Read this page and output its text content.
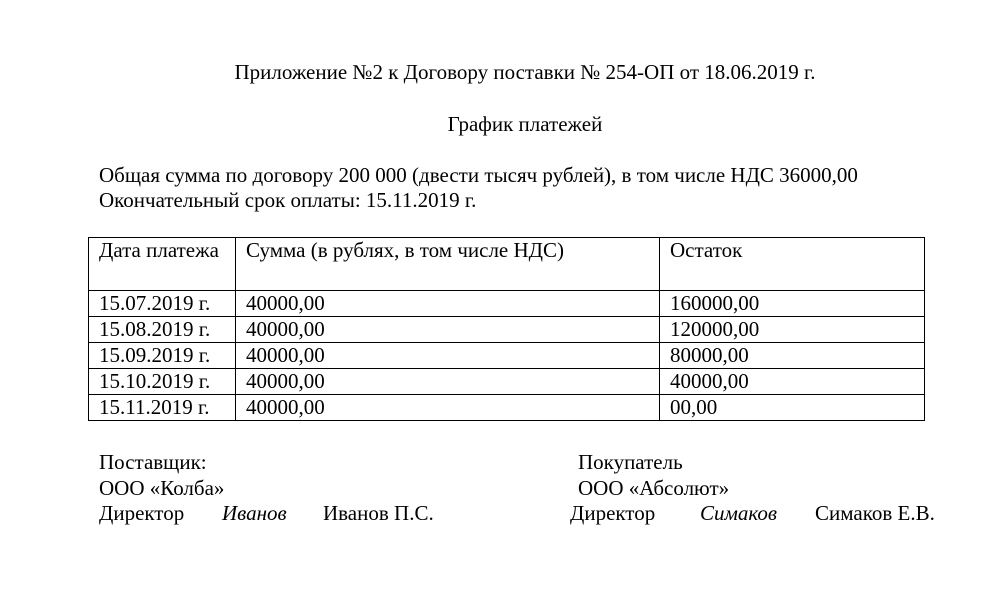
Приложение №2 к Договору поставки № 254-ОП от 18.06.2019 г.
График платежей
Общая сумма по договору 200 000 (двести тысяч рублей), в том числе НДС 36000,00
Окончательный срок оплаты: 15.11.2019 г.
Дата платежа	Сумма (в рублях, в том числе НДС)	Остаток
15.07.2019 г.	40000,00	160000,00
15.08.2019 г.	40000,00	120000,00
15.09.2019 г.	40000,00	80000,00
15.10.2019 г.	40000,00	40000,00
15.11.2019 г.	40000,00	00,00
Поставщик:
ООО «Колба»
Директор Иванов Иванов П.С.
Покупатель
ООО «Абсолют»
Директор Симаков Симаков Е.В.
